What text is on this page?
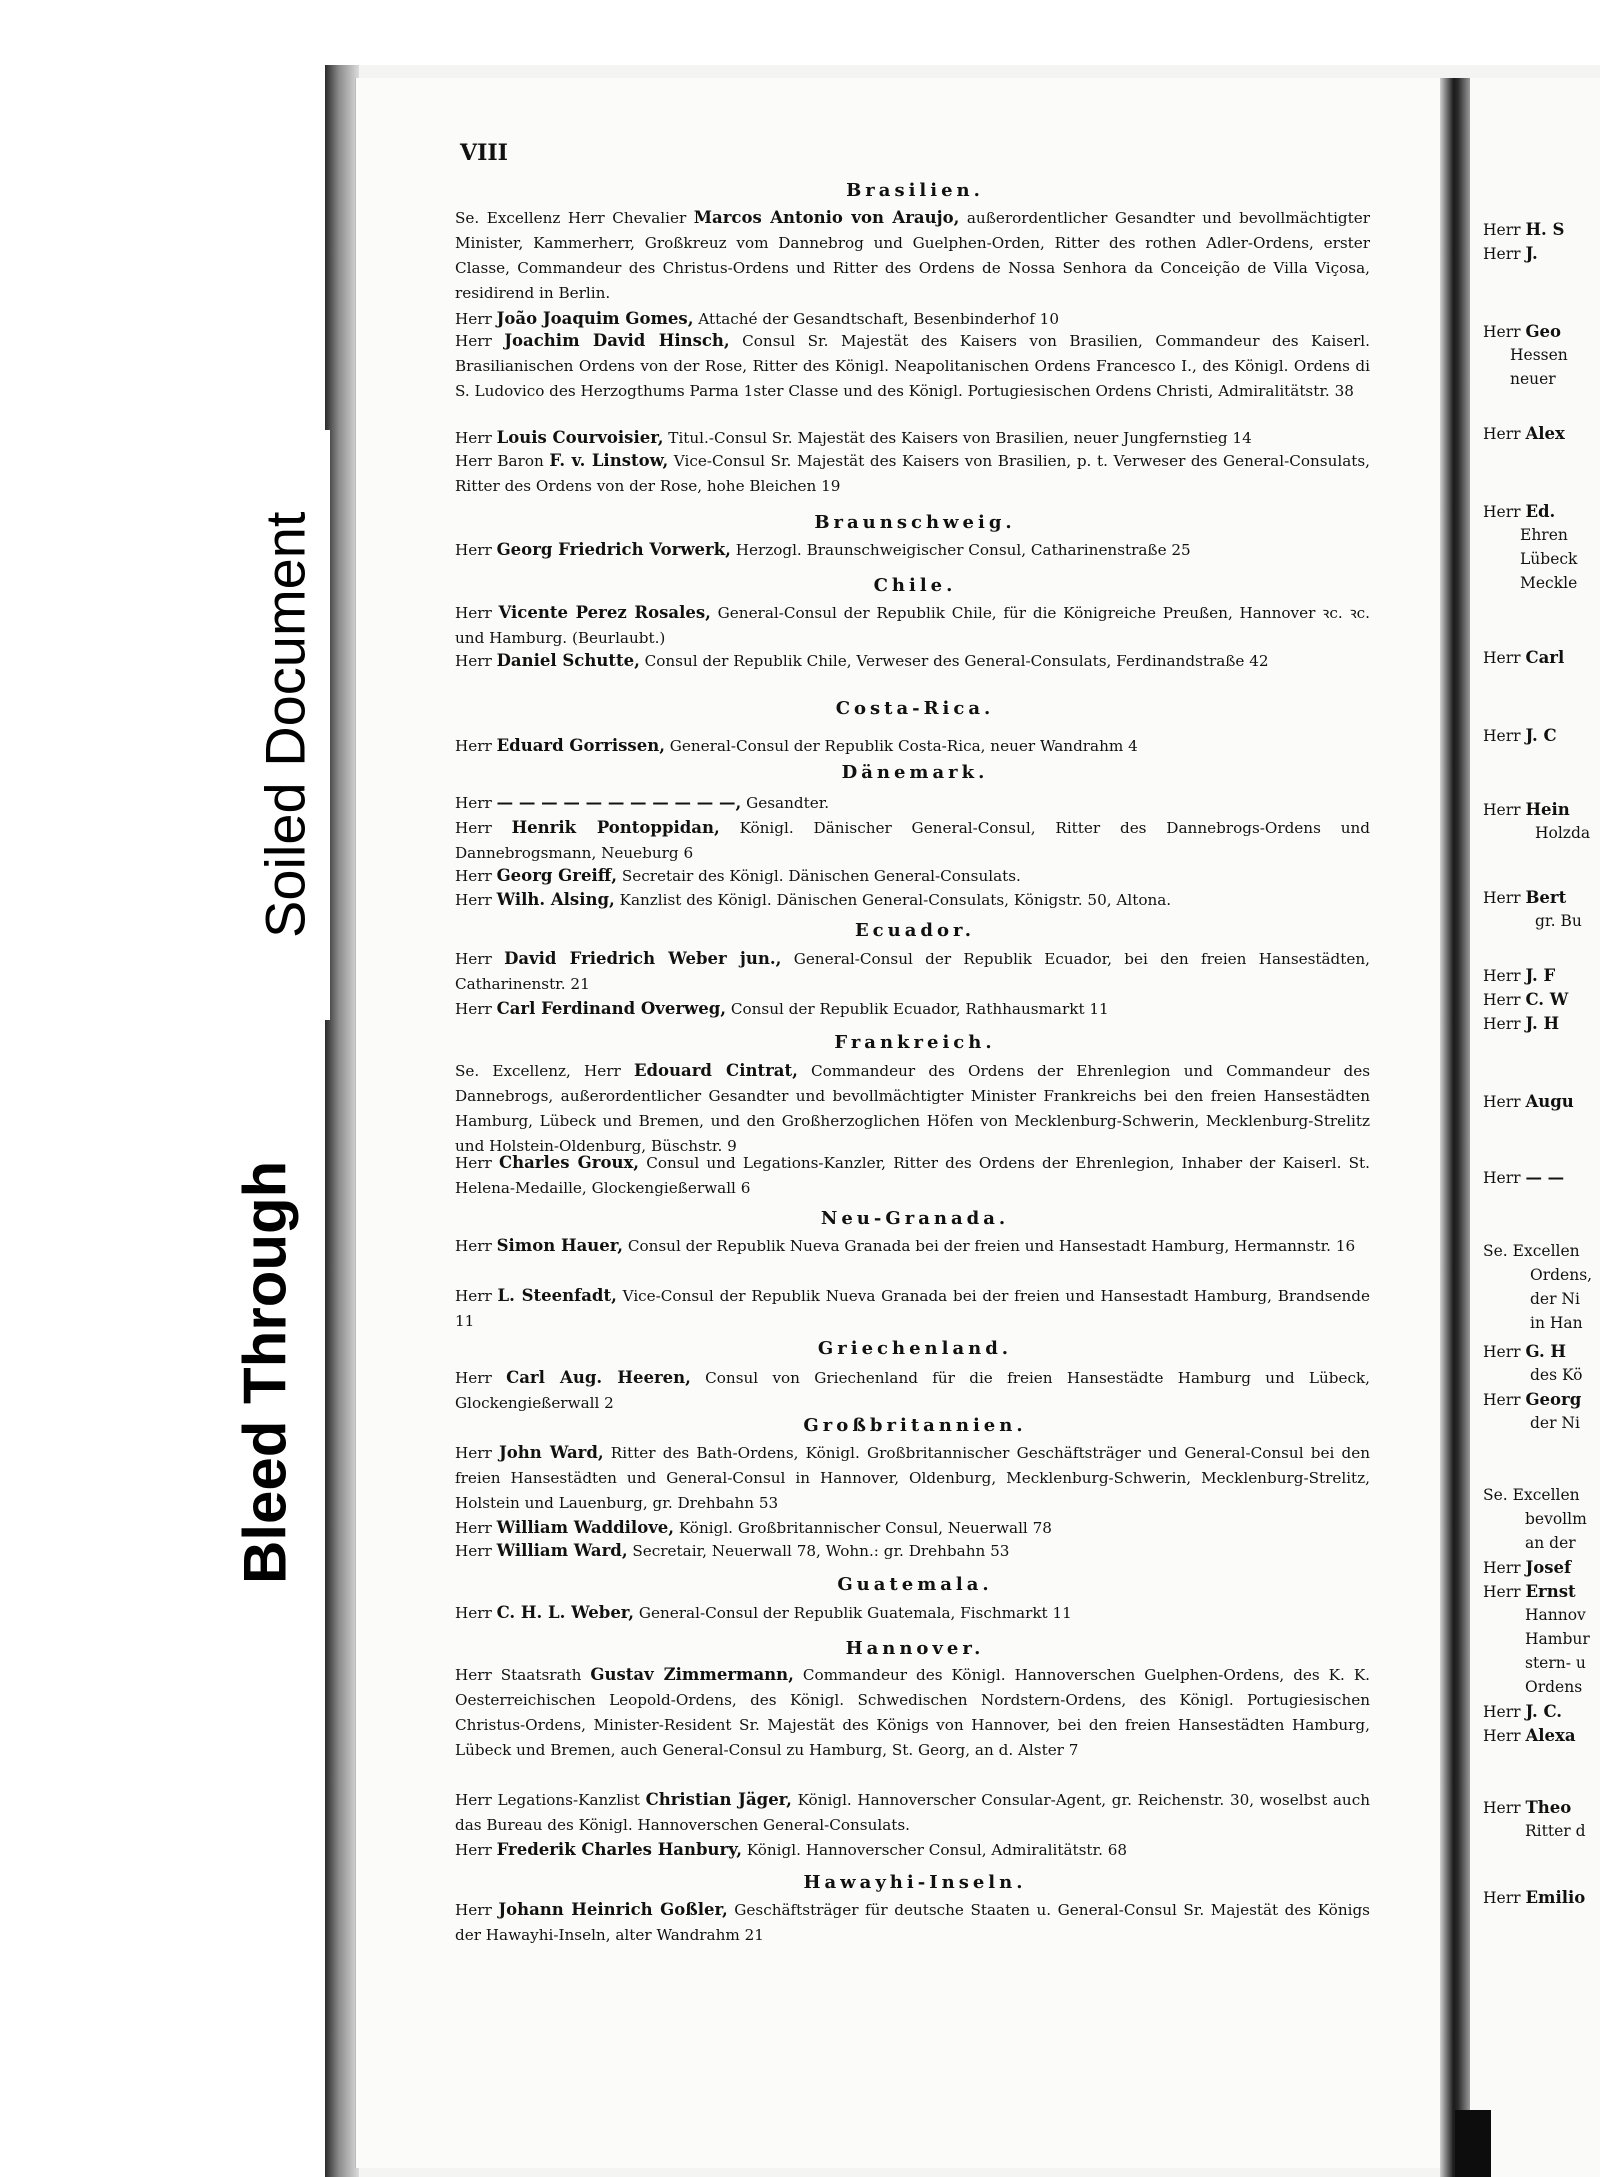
Soiled Document
Bleed Through
VIII
Brasilien.
Se. Excellenz Herr Chevalier Marcos Antonio von Araujo, außerordentlicher Gesandter und bevollmächtigter Minister, Kammerherr, Großkreuz vom Dannebrog und Guelphen-Orden, Ritter des rothen Adler-Ordens, erster Classe, Commandeur des Christus-Ordens und Ritter des Ordens de Nossa Senhora da Conceição de Villa Viçosa, residirend in Berlin.
Herr João Joaquim Gomes, Attaché der Gesandtschaft, Besenbinderhof 10
Herr Joachim David Hinsch, Consul Sr. Majestät des Kaisers von Brasilien, Commandeur des Kaiserl. Brasilianischen Ordens von der Rose, Ritter des Königl. Neapolitanischen Ordens Francesco I., des Königl. Ordens di S. Ludovico des Herzogthums Parma 1ster Classe und des Königl. Portugiesischen Ordens Christi, Admiralitätstr. 38
Herr Louis Courvoisier, Titul.-Consul Sr. Majestät des Kaisers von Brasilien, neuer Jungfernstieg 14
Herr Baron F. v. Linstow, Vice-Consul Sr. Majestät des Kaisers von Brasilien, p. t. Verweser des General-Consulats, Ritter des Ordens von der Rose, hohe Bleichen 19
Braunschweig.
Herr Georg Friedrich Vorwerk, Herzogl. Braunschweigischer Consul, Catharinenstraße 25
Chile.
Herr Vicente Perez Rosales, General-Consul der Republik Chile, für die Königreiche Preußen, Hannover ꝛc. ꝛc. und Hamburg. (Beurlaubt.)
Herr Daniel Schutte, Consul der Republik Chile, Verweser des General-Consulats, Ferdinandstraße 42
Costa-Rica.
Herr Eduard Gorrissen, General-Consul der Republik Costa-Rica, neuer Wandrahm 4
Dänemark.
Herr — — — — — — — — — — —, Gesandter.
Herr Henrik Pontoppidan, Königl. Dänischer General-Consul, Ritter des Dannebrogs-Ordens und Dannebrogsmann, Neueburg 6
Herr Georg Greiff, Secretair des Königl. Dänischen General-Consulats.
Herr Wilh. Alsing, Kanzlist des Königl. Dänischen General-Consulats, Königstr. 50, Altona.
Ecuador.
Herr David Friedrich Weber jun., General-Consul der Republik Ecuador, bei den freien Hansestädten, Catharinenstr. 21
Herr Carl Ferdinand Overweg, Consul der Republik Ecuador, Rathhausmarkt 11
Frankreich.
Se. Excellenz, Herr Edouard Cintrat, Commandeur des Ordens der Ehrenlegion und Commandeur des Dannebrogs, außerordentlicher Gesandter und bevollmächtigter Minister Frankreichs bei den freien Hansestädten Hamburg, Lübeck und Bremen, und den Großherzoglichen Höfen von Mecklenburg-Schwerin, Mecklenburg-Strelitz und Holstein-Oldenburg, Büschstr. 9
Herr Charles Groux, Consul und Legations-Kanzler, Ritter des Ordens der Ehrenlegion, Inhaber der Kaiserl. St. Helena-Medaille, Glockengießerwall 6
Neu-Granada.
Herr Simon Hauer, Consul der Republik Nueva Granada bei der freien und Hansestadt Hamburg, Hermannstr. 16
Herr L. Steenfadt, Vice-Consul der Republik Nueva Granada bei der freien und Hansestadt Hamburg, Brandsende 11
Griechenland.
Herr Carl Aug. Heeren, Consul von Griechenland für die freien Hansestädte Hamburg und Lübeck, Glockengießerwall 2
Großbritannien.
Herr John Ward, Ritter des Bath-Ordens, Königl. Großbritannischer Geschäftsträger und General-Consul bei den freien Hansestädten und General-Consul in Hannover, Oldenburg, Mecklenburg-Schwerin, Mecklenburg-Strelitz, Holstein und Lauenburg, gr. Drehbahn 53
Herr William Waddilove, Königl. Großbritannischer Consul, Neuerwall 78
Herr William Ward, Secretair, Neuerwall 78, Wohn.: gr. Drehbahn 53
Guatemala.
Herr C. H. L. Weber, General-Consul der Republik Guatemala, Fischmarkt 11
Hannover.
Herr Staatsrath Gustav Zimmermann, Commandeur des Königl. Hannoverschen Guelphen-Ordens, des K. K. Oesterreichischen Leopold-Ordens, des Königl. Schwedischen Nordstern-Ordens, des Königl. Portugiesischen Christus-Ordens, Minister-Resident Sr. Majestät des Königs von Hannover, bei den freien Hansestädten Hamburg, Lübeck und Bremen, auch General-Consul zu Hamburg, St. Georg, an d. Alster 7
Herr Legations-Kanzlist Christian Jäger, Königl. Hannoverscher Consular-Agent, gr. Reichenstr. 30, woselbst auch das Bureau des Königl. Hannoverschen General-Consulats.
Herr Frederik Charles Hanbury, Königl. Hannoverscher Consul, Admiralitätstr. 68
Hawayhi-Inseln.
Herr Johann Heinrich Goßler, Geschäftsträger für deutsche Staaten u. General-Consul Sr. Majestät des Königs der Hawayhi-Inseln, alter Wandrahm 21
Herr H. S
Herr J.
Herr Geo
Hessen
neuer
Herr Alex
Herr Ed.
Ehren
Lübeck
Meckle
Herr Carl
Herr J. C
Herr Hein
Holzda
Herr Bert
gr. Bu
Herr J. F
Herr C. W
Herr J. H
Herr Augu
Herr — —
Se. Excellen
Ordens,
der Ni
in Han
Herr G. H
des Kö
Herr Georg
der Ni
Se. Excellen
bevollm
an der
Herr Josef
Herr Ernst
Hannov
Hambur
stern- u
Ordens
Herr J. C.
Herr Alexa
Herr Theo
Ritter d
Herr Emilio
